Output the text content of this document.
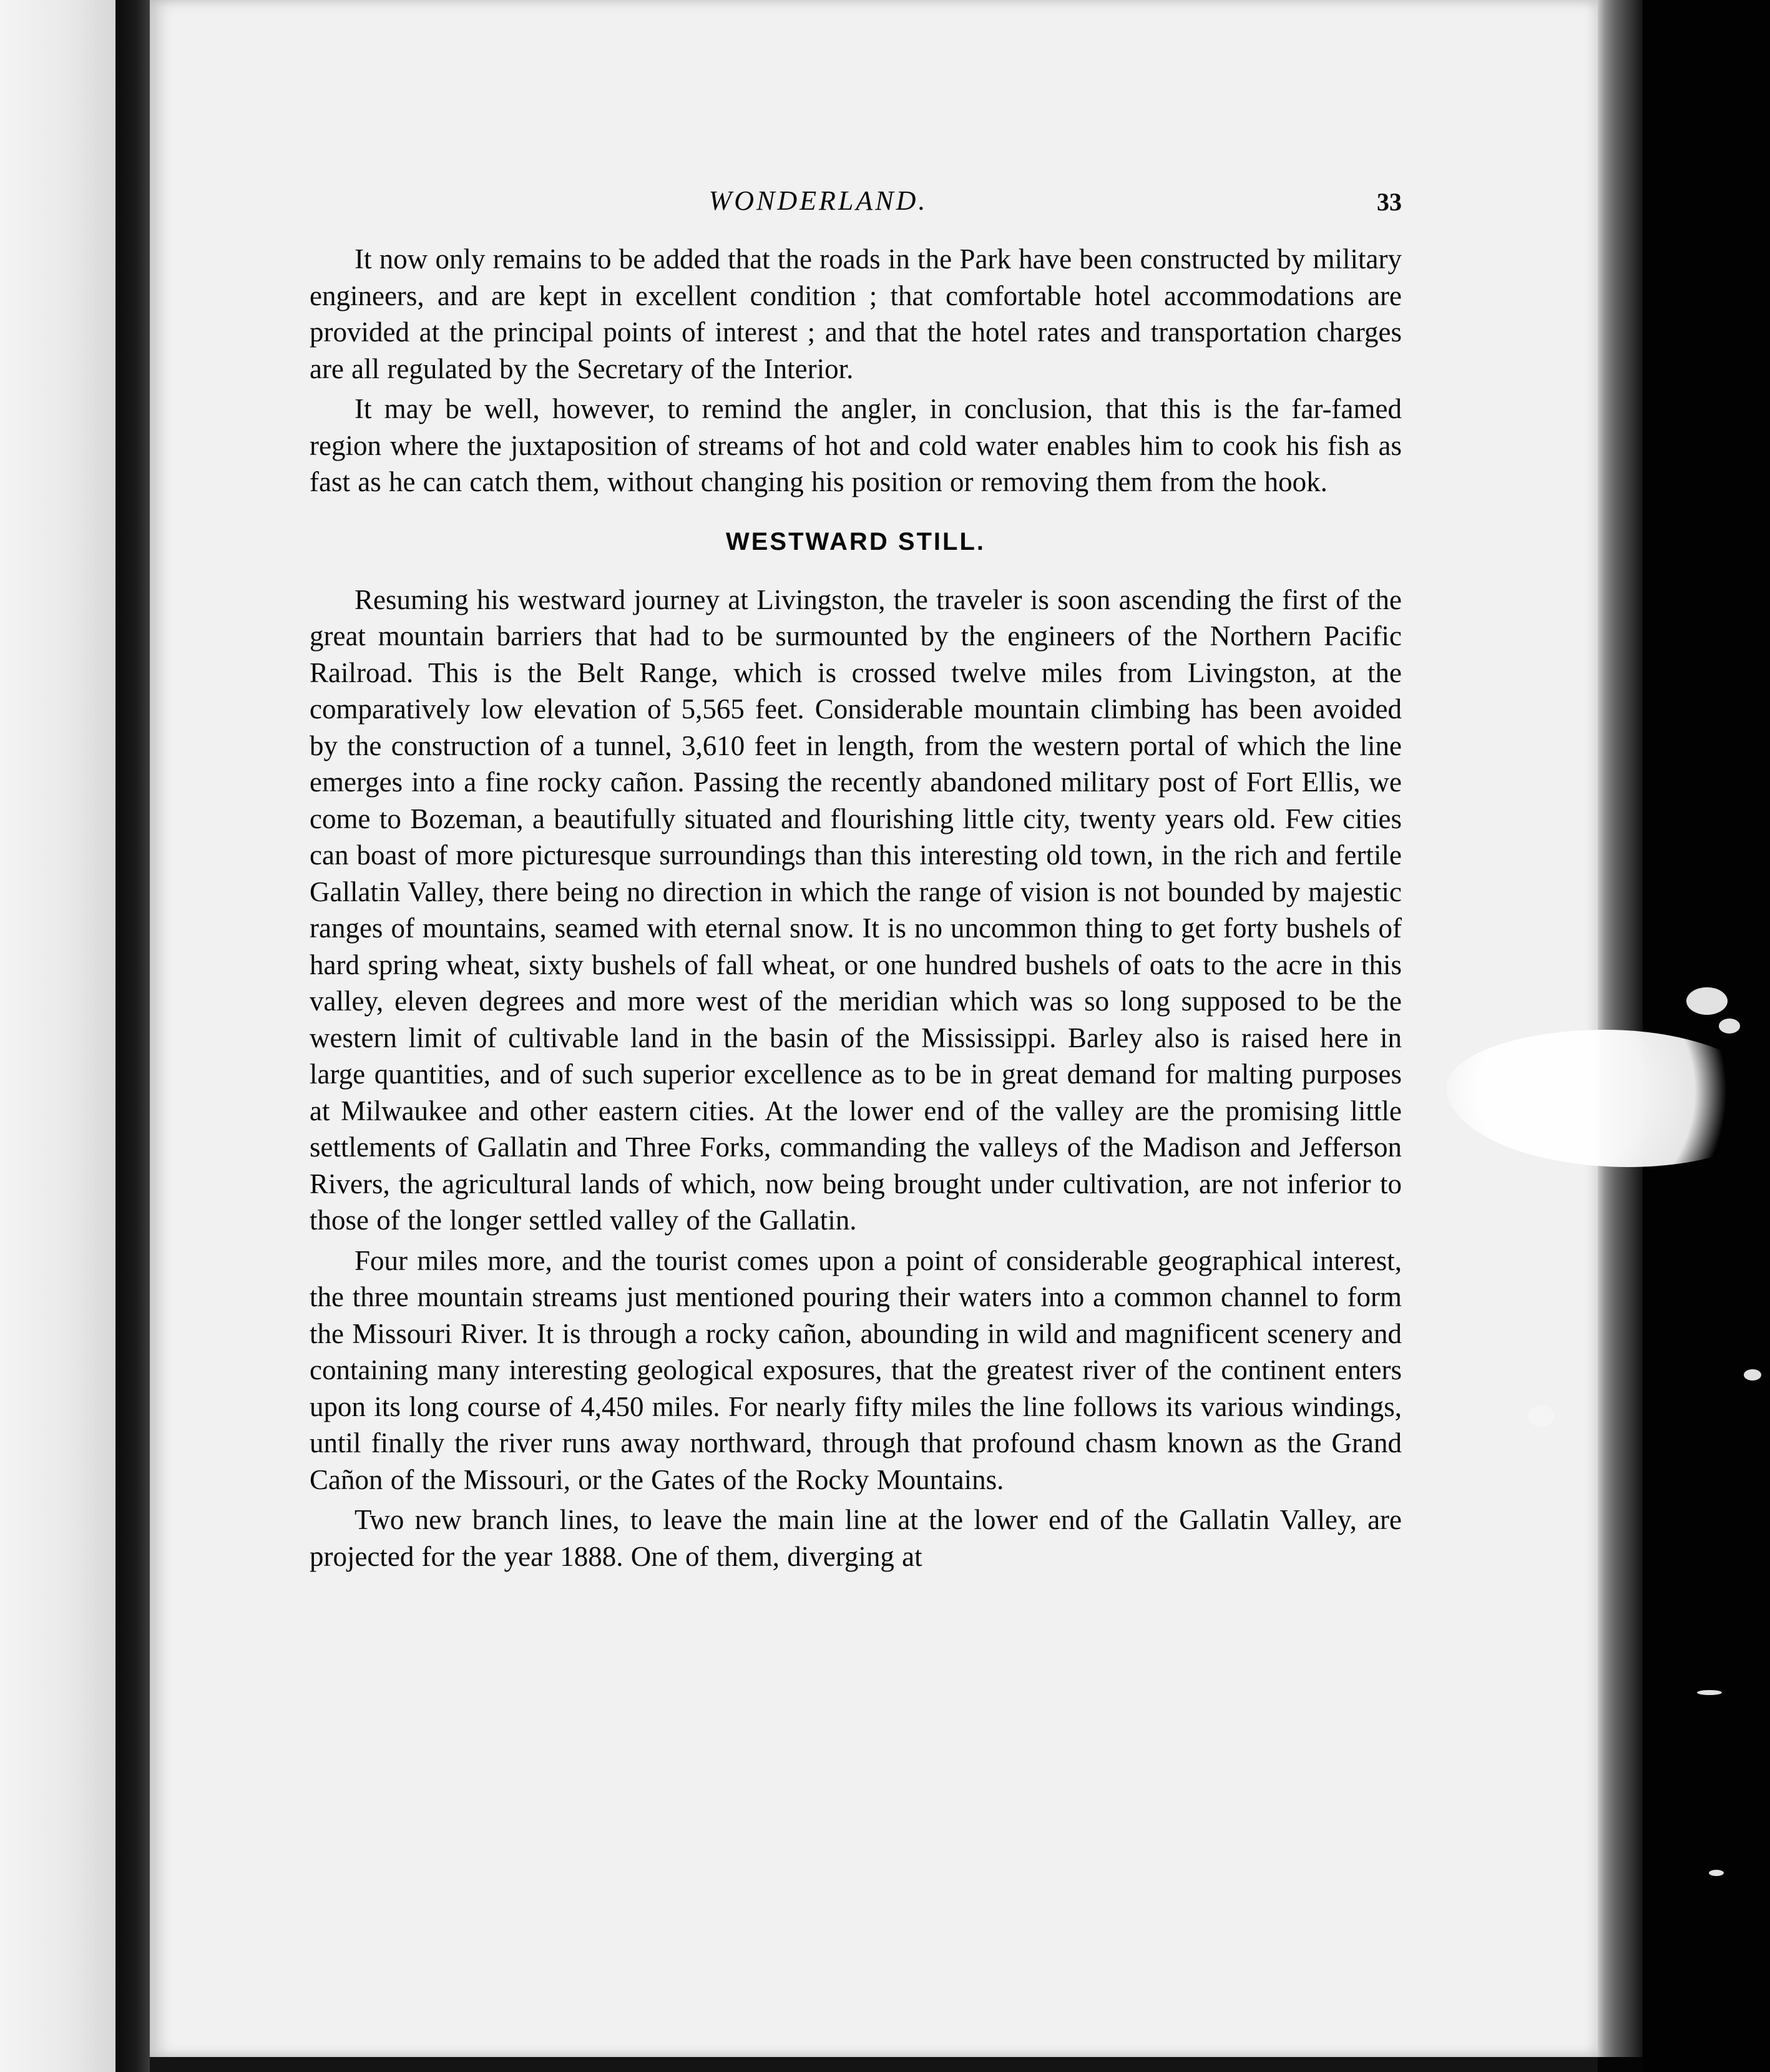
WONDERLAND.	33

It now only remains to be added that the roads in the Park have been constructed by military engineers, and are kept in excellent condition ; that comfortable hotel accommodations are provided at the principal points of interest ; and that the hotel rates and transportation charges are all regulated by the Secretary of the Interior.

It may be well, however, to remind the angler, in conclusion, that this is the far-famed region where the juxtaposition of streams of hot and cold water enables him to cook his fish as fast as he can catch them, without changing his position or removing them from the hook.

WESTWARD STILL.

Resuming his westward journey at Livingston, the traveler is soon ascending the first of the great mountain barriers that had to be surmounted by the engineers of the Northern Pacific Railroad. This is the Belt Range, which is crossed twelve miles from Livingston, at the comparatively low elevation of 5,565 feet. Considerable mountain climbing has been avoided by the construction of a tunnel, 3,610 feet in length, from the western portal of which the line emerges into a fine rocky cañon. Passing the recently abandoned military post of Fort Ellis, we come to Bozeman, a beautifully situated and flourishing little city, twenty years old. Few cities can boast of more picturesque surroundings than this interesting old town, in the rich and fertile Gallatin Valley, there being no direction in which the range of vision is not bounded by majestic ranges of mountains, seamed with eternal snow. It is no uncommon thing to get forty bushels of hard spring wheat, sixty bushels of fall wheat, or one hundred bushels of oats to the acre in this valley, eleven degrees and more west of the meridian which was so long supposed to be the western limit of cultivable land in the basin of the Mississippi. Barley also is raised here in large quantities, and of such superior excellence as to be in great demand for malting purposes at Milwaukee and other eastern cities. At the lower end of the valley are the promising little settlements of Gallatin and Three Forks, commanding the valleys of the Madison and Jefferson Rivers, the agricultural lands of which, now being brought under cultivation, are not inferior to those of the longer settled valley of the Gallatin.

Four miles more, and the tourist comes upon a point of considerable geographical interest, the three mountain streams just mentioned pouring their waters into a common channel to form the Missouri River. It is through a rocky cañon, abounding in wild and magnificent scenery and containing many interesting geological exposures, that the greatest river of the continent enters upon its long course of 4,450 miles. For nearly fifty miles the line follows its various windings, until finally the river runs away northward, through that profound chasm known as the Grand Cañon of the Missouri, or the Gates of the Rocky Mountains.

Two new branch lines, to leave the main line at the lower end of the Gallatin Valley, are projected for the year 1888. One of them, diverging at
